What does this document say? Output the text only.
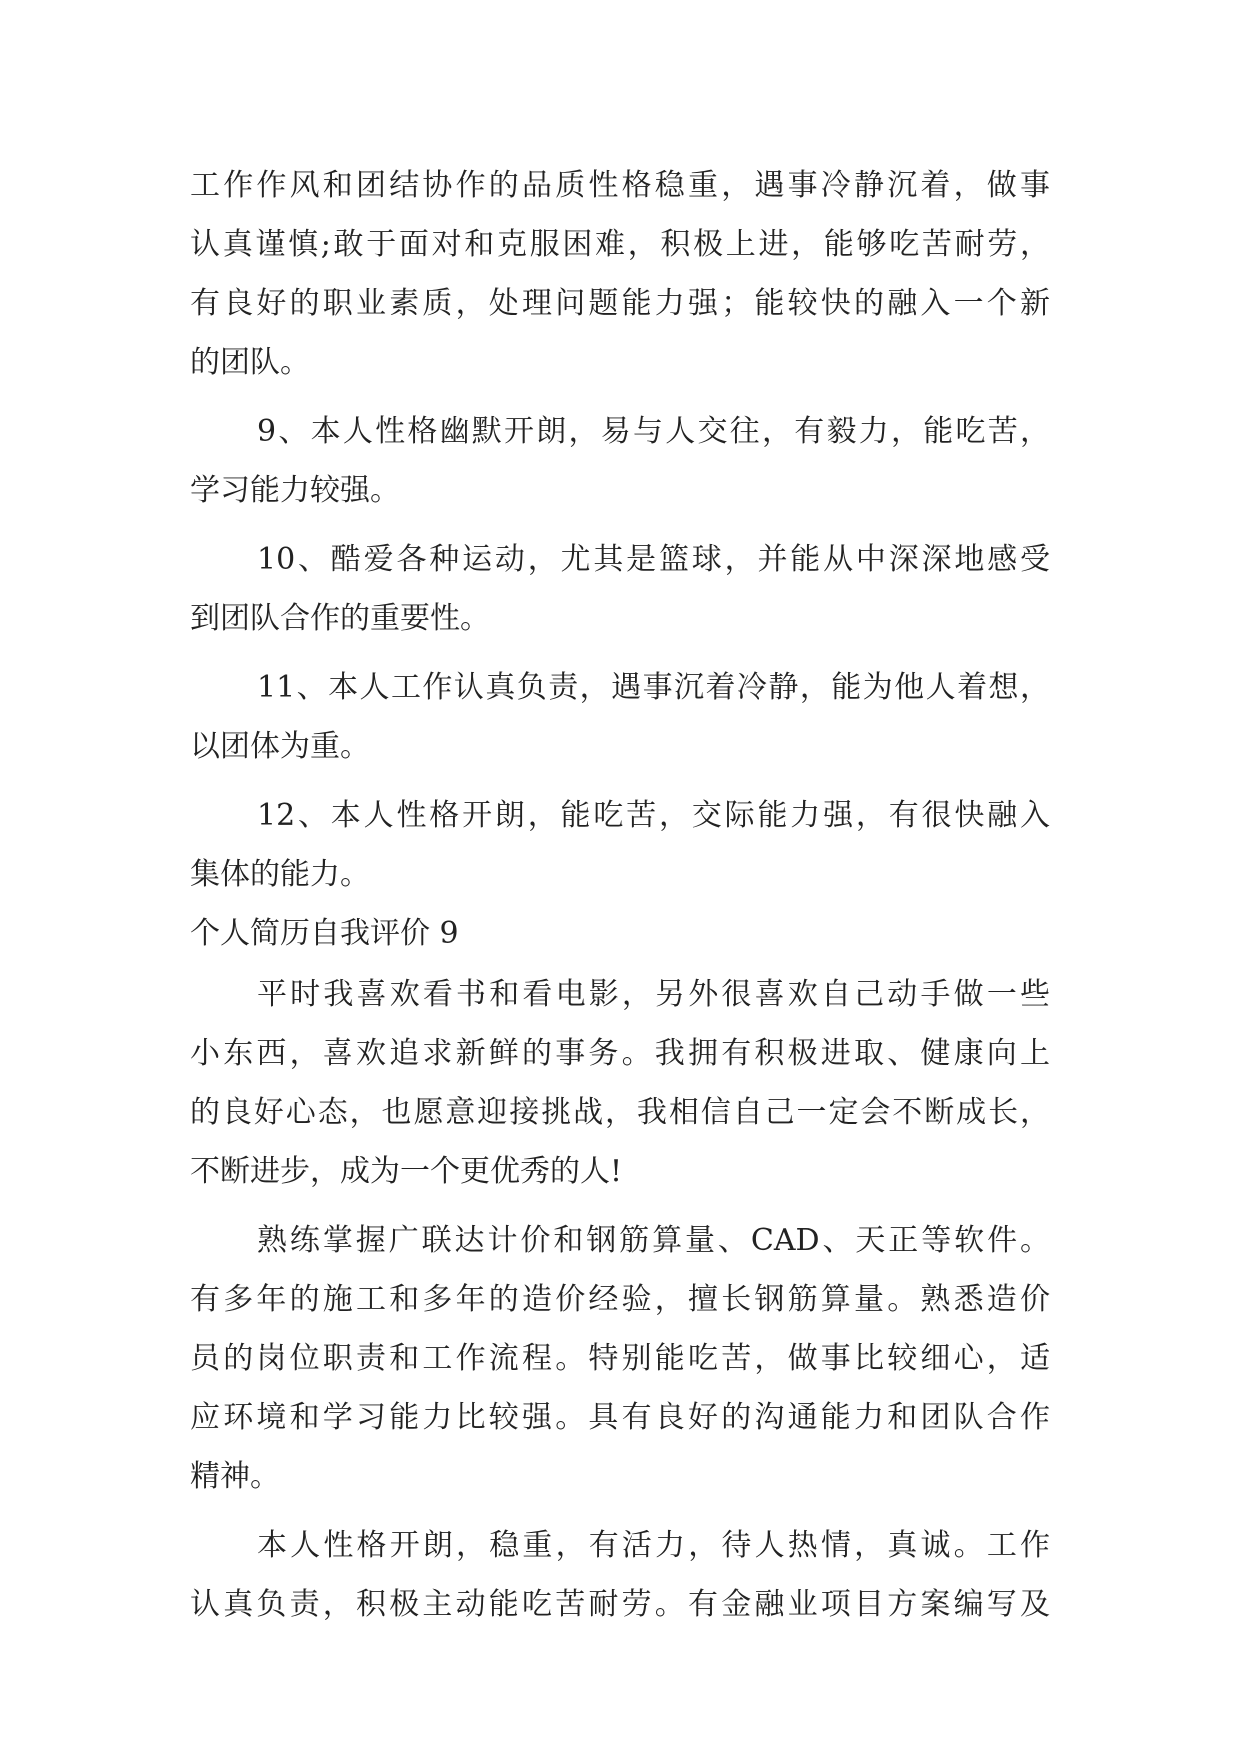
工作作风和团结协作的品质性格稳重，遇事冷静沉着，做事
认真谨慎;敢于面对和克服困难，积极上进，能够吃苦耐劳，
有良好的职业素质，处理问题能力强；能较快的融入一个新
的团队。
9、本人性格幽默开朗，易与人交往，有毅力，能吃苦，
学习能力较强。
10、酷爱各种运动，尤其是篮球，并能从中深深地感受
到团队合作的重要性。
11、本人工作认真负责，遇事沉着冷静，能为他人着想，
以团体为重。
12、本人性格开朗，能吃苦，交际能力强，有很快融入
集体的能力。
个人简历自我评价 9
平时我喜欢看书和看电影，另外很喜欢自己动手做一些
小东西，喜欢追求新鲜的事务。我拥有积极进取、健康向上
的良好心态，也愿意迎接挑战，我相信自己一定会不断成长，
不断进步，成为一个更优秀的人!
熟练掌握广联达计价和钢筋算量、CAD、天正等软件。
有多年的施工和多年的造价经验，擅长钢筋算量。熟悉造价
员的岗位职责和工作流程。特别能吃苦，做事比较细心，适
应环境和学习能力比较强。具有良好的沟通能力和团队合作
精神。
本人性格开朗，稳重，有活力，待人热情，真诚。工作
认真负责，积极主动能吃苦耐劳。有金融业项目方案编写及
